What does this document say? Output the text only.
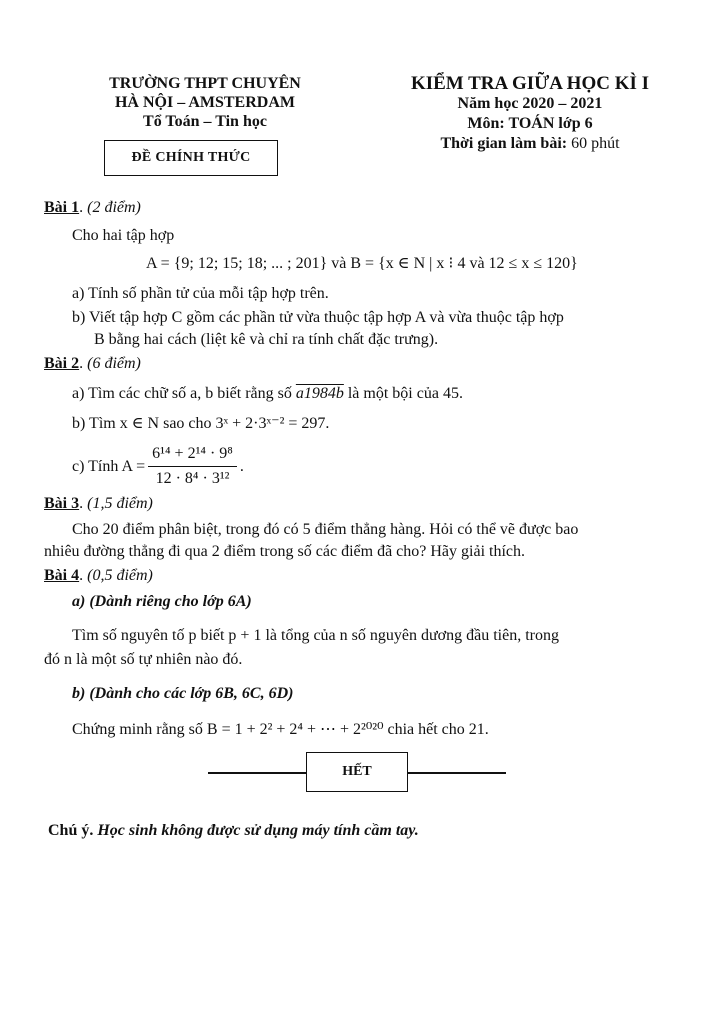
TRƯỜNG THPT CHUYÊN
HÀ NỘI – AMSTERDAM
Tổ Toán – Tin học
ĐỀ CHÍNH THỨC
KIỂM TRA GIỮA HỌC KÌ I
Năm học 2020 – 2021
Môn: TOÁN lớp 6
Thời gian làm bài: 60 phút
Bài 1. (2 điểm)
Cho hai tập hợp
A = {9; 12; 15; 18; ... ; 201} và B = {x ∈ N | x ⁝ 4 và 12 ≤ x ≤ 120}
a) Tính số phần tử của mỗi tập hợp trên.
b) Viết tập hợp C gồm các phần tử vừa thuộc tập hợp A và vừa thuộc tập hợp
B bằng hai cách (liệt kê và chỉ ra tính chất đặc trưng).
Bài 2. (6 điểm)
a) Tìm các chữ số a, b biết rằng số a1984b là một bội của 45.
b) Tìm x ∈ N sao cho 3ˣ + 2·3ˣ⁻² = 297.
c) Tính $A = \frac{\text{6¹⁴ + 2¹⁴ · 9⁸}}{\text{12 · 8⁴ · 3¹²}}$ .
Bài 3. (1,5 điểm)
Cho 20 điểm phân biệt, trong đó có 5 điểm thẳng hàng. Hỏi có thể vẽ được bao
nhiêu đường thẳng đi qua 2 điểm trong số các điểm đã cho? Hãy giải thích.
Bài 4. (0,5 điểm)
a) (Dành riêng cho lớp 6A)
Tìm số nguyên tố p biết p + 1 là tổng của n số nguyên dương đầu tiên, trong
đó n là một số tự nhiên nào đó.
b) (Dành cho các lớp 6B, 6C, 6D)
Chứng minh rằng số B = 1 + 2² + 2⁴ + ⋯ + 2²⁰²⁰ chia hết cho 21.
HẾT
Chú ý. Học sinh không được sử dụng máy tính cầm tay.
